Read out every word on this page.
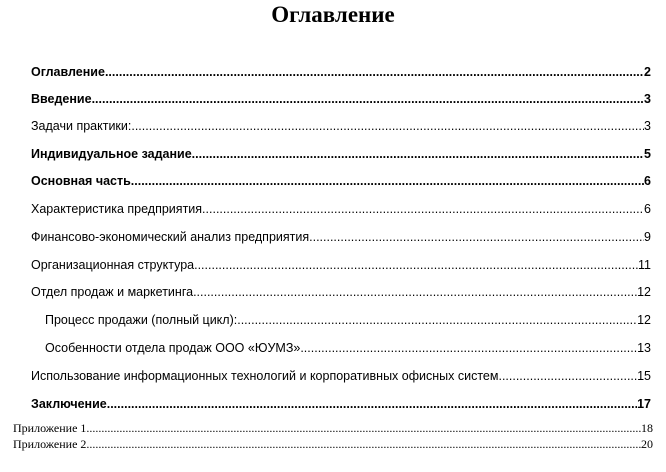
Оглавление
Оглавление .....	2
Введение .....	3
Задачи практики: .....	3
Индивидуальное задание .....	5
Основная часть .....	6
Характеристика предприятия .....	6
Финансово-экономический анализ предприятия .....	9
Организационная структура .....	11
Отдел продаж и маркетинга .....	12
Процесс продажи (полный цикл): .....	12
Особенности отдела продаж ООО «ЮУМЗ» .....	13
Использование информационных технологий и корпоративных офисных систем. .....	15
Заключение .....	17
Приложение 1 .....	18
Приложение 2 .....	20
